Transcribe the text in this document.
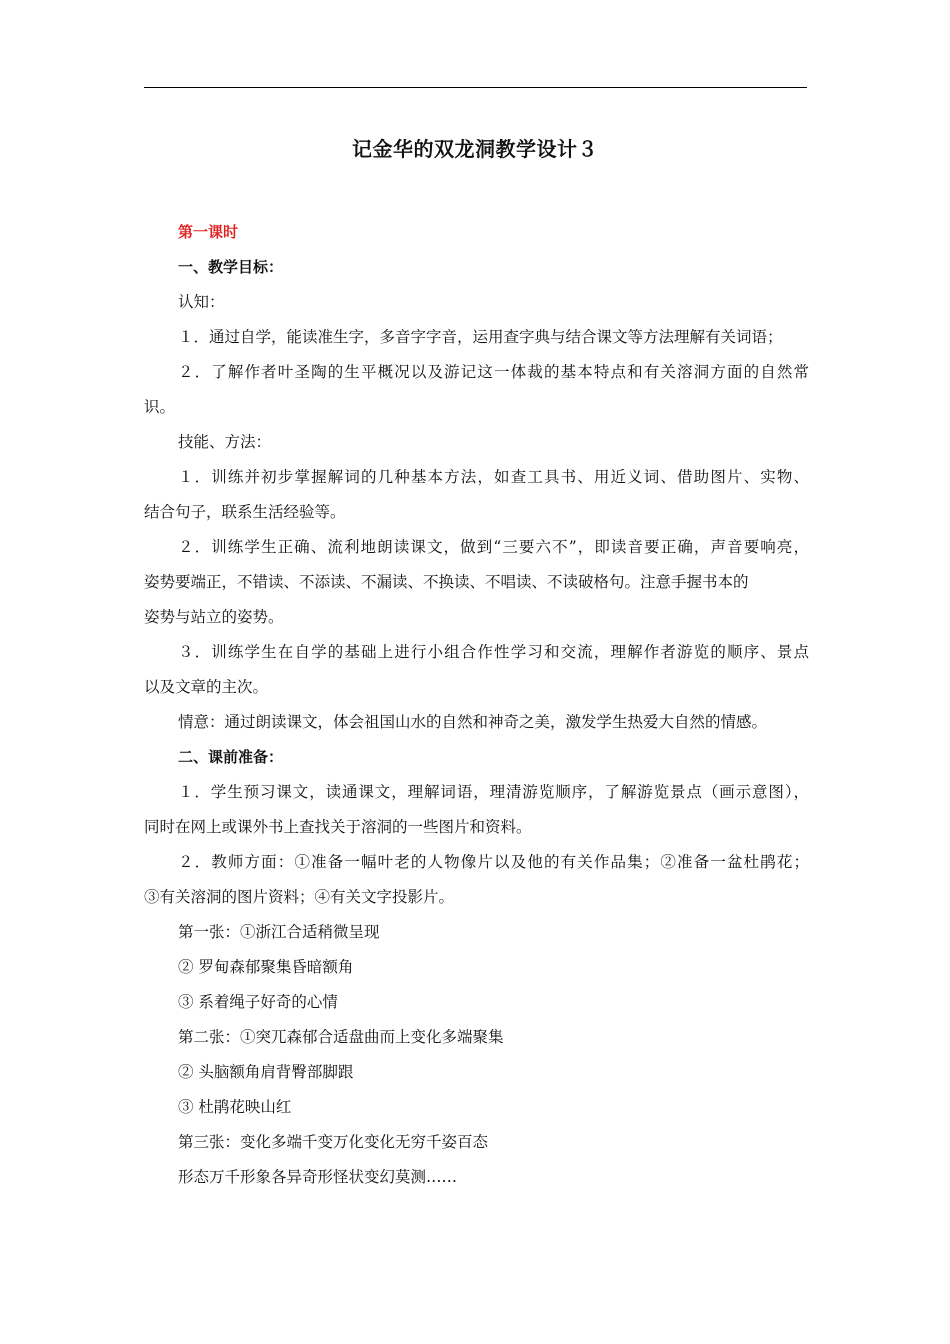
记金华的双龙洞教学设计３
第一课时
一、教学目标：
认知：
１．通过自学，能读准生字，多音字字音，运用查字典与结合课文等方法理解有关词语；
２．了解作者叶圣陶的生平概况以及游记这一体裁的基本特点和有关溶洞方面的自然常
识。
技能、方法：
１．训练并初步掌握解词的几种基本方法，如查工具书、用近义词、借助图片、实物、
结合句子，联系生活经验等。
２．训练学生正确、流利地朗读课文，做到“三要六不”，即读音要正确，声音要响亮，
姿势要端正，不错读、不添读、不漏读、不换读、不唱读、不读破格句。注意手握书本的
姿势与站立的姿势。
３．训练学生在自学的基础上进行小组合作性学习和交流，理解作者游览的顺序、景点
以及文章的主次。
情意：通过朗读课文，体会祖国山水的自然和神奇之美，激发学生热爱大自然的情感。
二、课前准备：
１．学生预习课文，读通课文，理解词语，理清游览顺序，了解游览景点（画示意图），
同时在网上或课外书上查找关于溶洞的一些图片和资料。
２．教师方面：①准备一幅叶老的人物像片以及他的有关作品集；②准备一盆杜鹃花；
③有关溶洞的图片资料；④有关文字投影片。
第一张：①浙江合适稍微呈现
② 罗甸森郁聚集昏暗额角
③ 系着绳子好奇的心情
第二张：①突兀森郁合适盘曲而上变化多端聚集
② 头脑额角肩背臀部脚跟
③ 杜鹃花映山红
第三张：变化多端千变万化变化无穷千姿百态
形态万千形象各异奇形怪状变幻莫测……
